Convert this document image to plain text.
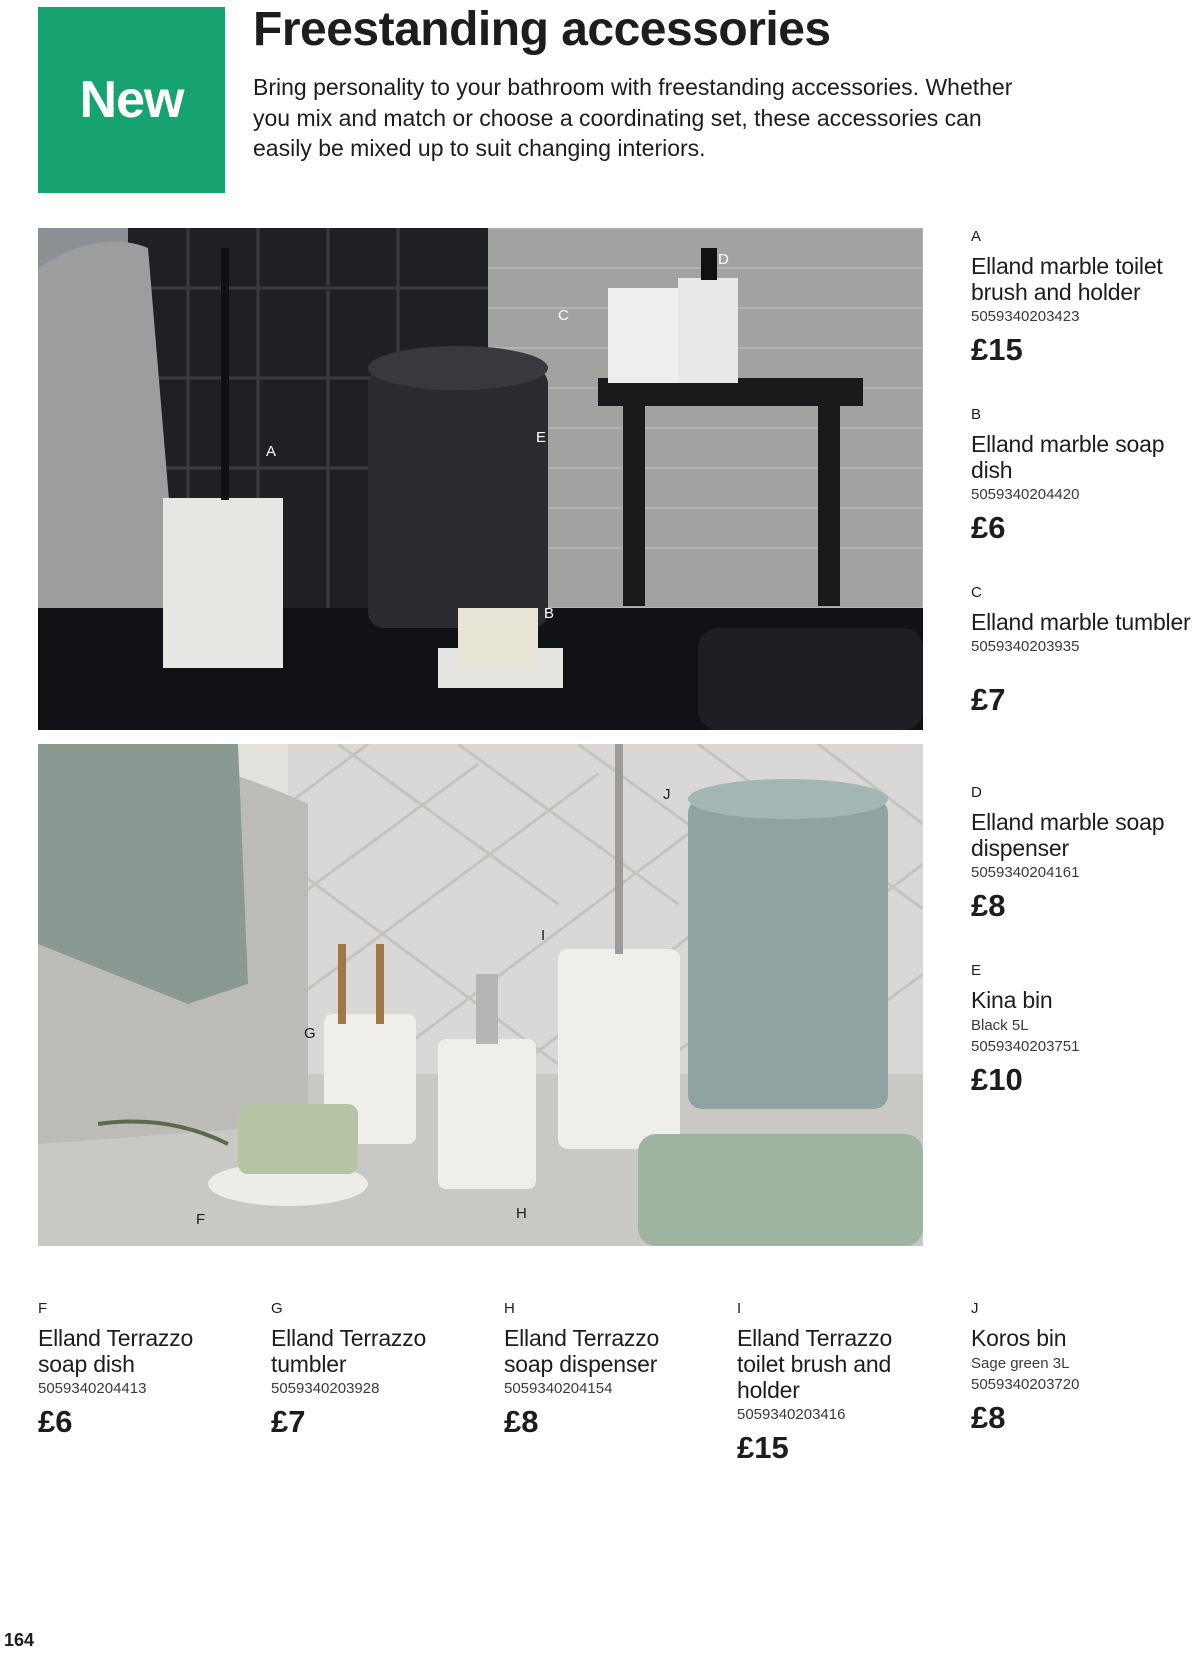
New
Freestanding accessories

Bring personality to your bathroom with freestanding accessories. Whether you mix and match or choose a coordinating set, these accessories can easily be mixed up to suit changing interiors.

A
B
C
D
E
F
G
H
I
J
A
Elland marble toilet brush and holder
5059340203423
£15
B
Elland marble soap dish
5059340204420
£6
C
Elland marble tumbler
5059340203935
£7
D
Elland marble soap dispenser
5059340204161
£8
E
Kina bin
Black 5L
5059340203751
£10
F
Elland Terrazzo soap dish
5059340204413
£6
G
Elland Terrazzo tumbler
5059340203928
£7
H
Elland Terrazzo soap dispenser
5059340204154
£8
I
Elland Terrazzo toilet brush and holder
5059340203416
£15
J
Koros bin
Sage green 3L
5059340203720
£8
164
